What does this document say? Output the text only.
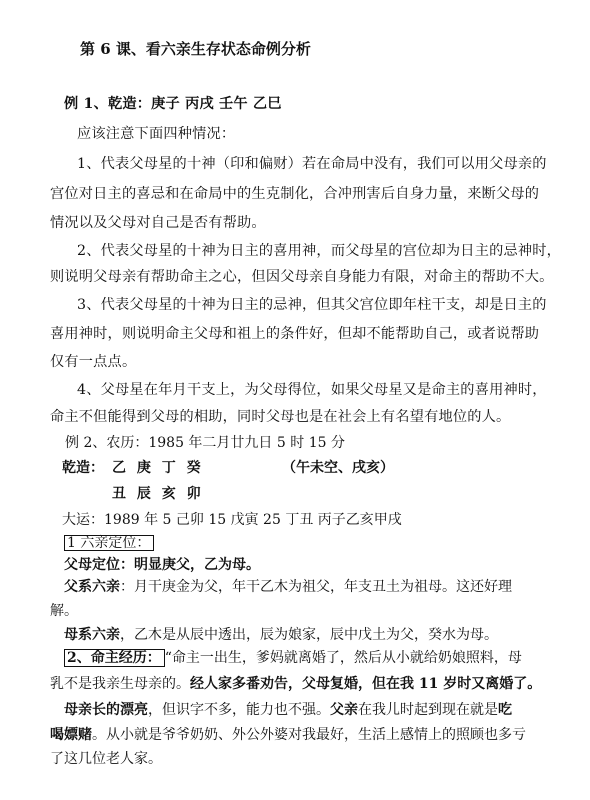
第 6 课、看六亲生存状态命例分析
例 1、乾造：庚子 丙戌 壬午 乙巳
应该注意下面四种情况：
1、代表父母星的十神（印和偏财）若在命局中没有，我们可以用父母亲的
宫位对日主的喜忌和在命局中的生克制化，合冲刑害后自身力量，来断父母的
情况以及父母对自己是否有帮助。
2、代表父母星的十神为日主的喜用神，而父母星的宫位却为日主的忌神时，
则说明父母亲有帮助命主之心，但因父母亲自身能力有限，对命主的帮助不大。
3、代表父母星的十神为日主的忌神，但其父宫位即年柱干支，却是日主的
喜用神时，则说明命主父母和祖上的条件好，但却不能帮助自己，或者说帮助
仅有一点点。
4、父母星在年月干支上，为父母得位，如果父母星又是命主的喜用神时，
命主不但能得到父母的相助，同时父母也是在社会上有名望有地位的人。
例 2、农历：1985 年二月廿九日 5 时 15 分
乾造： 乙 庚 丁 癸	（午未空、戌亥）
丑 辰 亥 卯
大运：1989 年 5 己卯 15 戊寅 25 丁丑 丙子乙亥甲戌
1 六亲定位：
父母定位：明显庚父，乙为母。
父系六亲：月干庚金为父，年干乙木为祖父，年支丑土为祖母。这还好理
解。
母系六亲，乙木是从辰中透出，辰为娘家，辰中戊土为父，癸水为母。
2、命主经历： “命主一出生，爹妈就离婚了，然后从小就给奶娘照料，母
乳不是我亲生母亲的。经人家多番劝告，父母复婚，但在我 11 岁时又离婚了。
母亲长的漂亮，但识字不多，能力也不强。父亲在我儿时起到现在就是吃
喝嫖赌。从小就是爷爷奶奶、外公外婆对我最好，生活上感情上的照顾也多亏
了这几位老人家。
